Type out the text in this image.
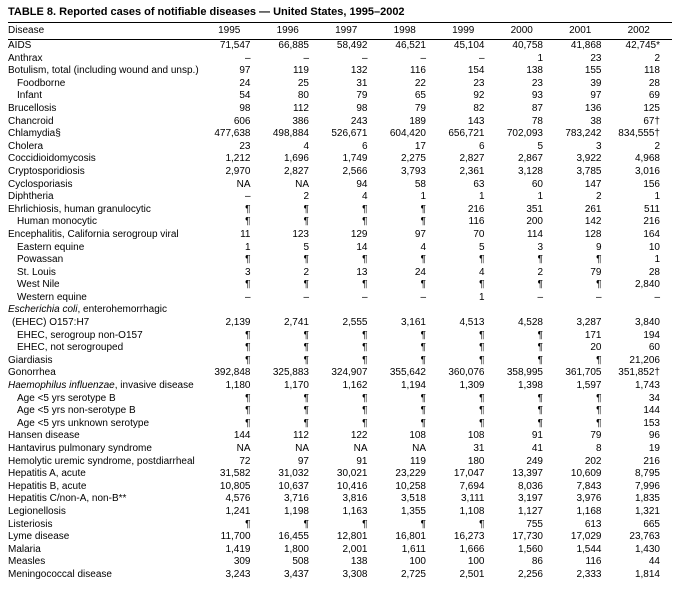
TABLE 8. Reported cases of notifiable diseases — United States, 1995–2002
Disease	1995	1996	1997	1998	1999	2000	2001	2002

AIDS	71,547	66,885	58,492	46,521	45,104	40,758	41,868	42,745*

Anthrax	–	–	–	–	–	1	23	2

Botulism, total (including wound and unsp.)	97	119	132	116	154	138	155	118

Foodborne	24	25	31	22	23	23	39	28

Infant	54	80	79	65	92	93	97	69

Brucellosis	98	112	98	79	82	87	136	125

Chancroid	606	386	243	189	143	78	38	67†

Chlamydia§	477,638	498,884	526,671	604,420	656,721	702,093	783,242	834,555†

Cholera	23	4	6	17	6	5	3	2

Coccidioidomycosis	1,212	1,696	1,749	2,275	2,827	2,867	3,922	4,968

Cryptosporidiosis	2,970	2,827	2,566	3,793	2,361	3,128	3,785	3,016

Cyclosporiasis	NA	NA	94	58	63	60	147	156

Diphtheria	–	2	4	1	1	1	2	1

Ehrlichiosis, human granulocytic	¶	¶	¶	¶	216	351	261	511

Human monocytic	¶	¶	¶	¶	116	200	142	216

Encephalitis, California serogroup viral	11	123	129	97	70	114	128	164

Eastern equine	1	5	14	4	5	3	9	10

Powassan	¶	¶	¶	¶	¶	¶	¶	1

St. Louis	3	2	13	24	4	2	79	28

West Nile	¶	¶	¶	¶	¶	¶	¶	2,840

Western equine	–	–	–	–	1	–	–	–

Escherichia coli, enterohemorrhagic
(EHEC) O157:H7	2,139	2,741	2,555	3,161	4,513	4,528	3,287	3,840

EHEC, serogroup non-O157	¶	¶	¶	¶	¶	¶	171	194

EHEC, not serogrouped	¶	¶	¶	¶	¶	¶	20	60

Giardiasis	¶	¶	¶	¶	¶	¶	¶	21,206

Gonorrhea	392,848	325,883	324,907	355,642	360,076	358,995	361,705	351,852†

Haemophilus influenzae, invasive disease	1,180	1,170	1,162	1,194	1,309	1,398	1,597	1,743

Age <5 yrs serotype B	¶	¶	¶	¶	¶	¶	¶	34

Age <5 yrs non-serotype B	¶	¶	¶	¶	¶	¶	¶	144

Age <5 yrs unknown serotype	¶	¶	¶	¶	¶	¶	¶	153

Hansen disease	144	112	122	108	108	91	79	96

Hantavirus pulmonary syndrome	NA	NA	NA	NA	31	41	8	19

Hemolytic uremic syndrome, postdiarrheal	72	97	91	119	180	249	202	216

Hepatitis A, acute	31,582	31,032	30,021	23,229	17,047	13,397	10,609	8,795

Hepatitis B, acute	10,805	10,637	10,416	10,258	7,694	8,036	7,843	7,996

Hepatitis C/non-A, non-B**	4,576	3,716	3,816	3,518	3,111	3,197	3,976	1,835

Legionellosis	1,241	1,198	1,163	1,355	1,108	1,127	1,168	1,321

Listeriosis	¶	¶	¶	¶	¶	755	613	665

Lyme disease	11,700	16,455	12,801	16,801	16,273	17,730	17,029	23,763

Malaria	1,419	1,800	2,001	1,611	1,666	1,560	1,544	1,430

Measles	309	508	138	100	100	86	116	44

Meningococcal disease	3,243	3,437	3,308	2,725	2,501	2,256	2,333	1,814
